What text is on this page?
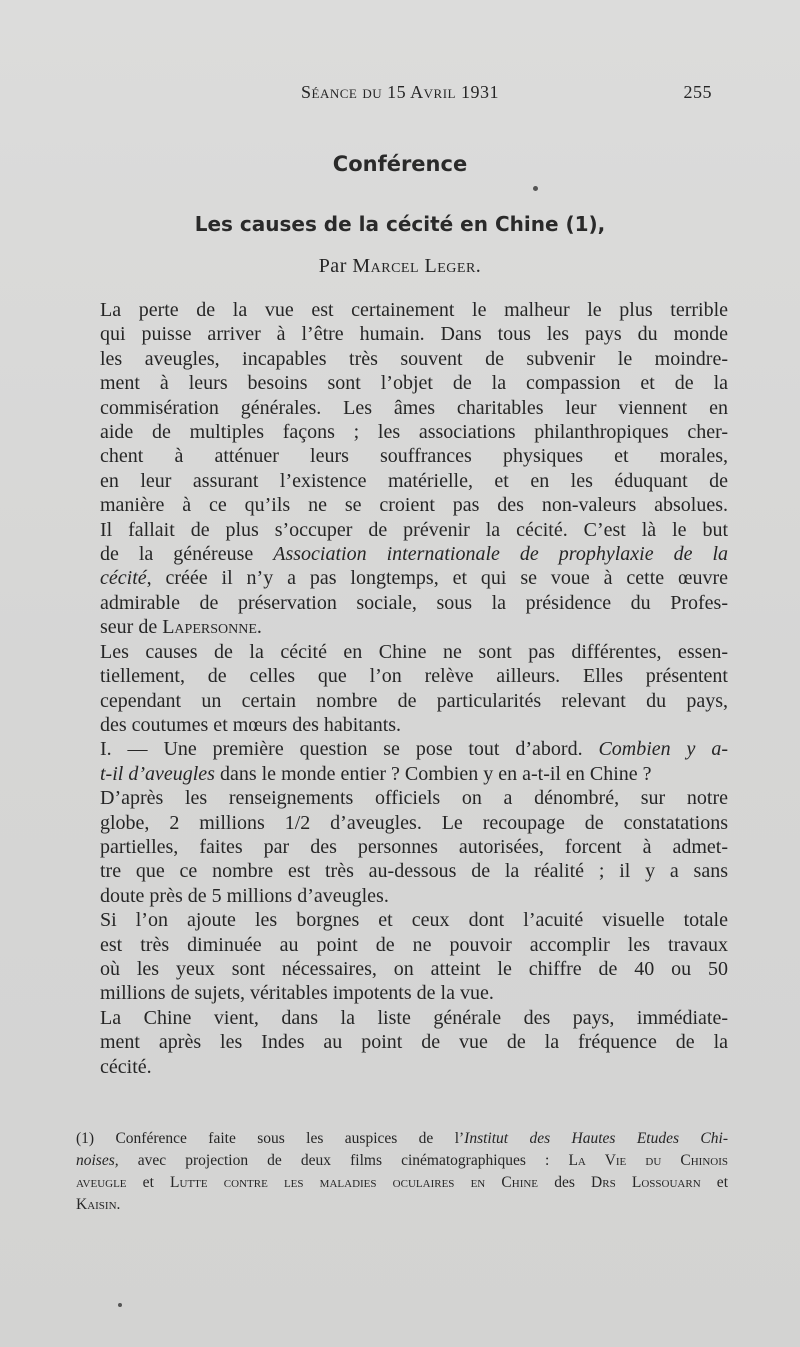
Séance du 15 Avril 1931	255
Conférence
Les causes de la cécité en Chine (1),
Par Marcel Leger.

La perte de la vue est certainement le malheur le plus terrible
qui puisse arriver à l’être humain. Dans tous les pays du monde
les aveugles, incapables très souvent de subvenir le moindre-
ment à leurs besoins sont l’objet de la compassion et de la
commisération générales. Les âmes charitables leur viennent en
aide de multiples façons ; les associations philanthropiques cher-
chent à atténuer leurs souffrances physiques et morales,
en leur assurant l’existence matérielle, et en les éduquant de
manière à ce qu’ils ne se croient pas des non-valeurs absolues.
Il fallait de plus s’occuper de prévenir la cécité. C’est là le but
de la généreuse Association internationale de prophylaxie de la
cécité, créée il n’y a pas longtemps, et qui se voue à cette œuvre
admirable de préservation sociale, sous la présidence du Profes-
seur de Lapersonne.

Les causes de la cécité en Chine ne sont pas différentes, essen-
tiellement, de celles que l’on relève ailleurs. Elles présentent
cependant un certain nombre de particularités relevant du pays,
des coutumes et mœurs des habitants.

I. — Une première question se pose tout d’abord. Combien y a-
t-il d’aveugles dans le monde entier ? Combien y en a-t-il en Chine ?

D’après les renseignements officiels on a dénombré, sur notre
globe, 2 millions 1/2 d’aveugles. Le recoupage de constatations
partielles, faites par des personnes autorisées, forcent à admet-
tre que ce nombre est très au-dessous de la réalité ; il y a sans
doute près de 5 millions d’aveugles.

Si l’on ajoute les borgnes et ceux dont l’acuité visuelle totale
est très diminuée au point de ne pouvoir accomplir les travaux
où les yeux sont nécessaires, on atteint le chiffre de 40 ou 50
millions de sujets, véritables impotents de la vue.

La Chine vient, dans la liste générale des pays, immédiate-
ment après les Indes au point de vue de la fréquence de la
cécité.

(1) Conférence faite sous les auspices de l’Institut des Hautes Etudes Chi-
noises, avec projection de deux films cinématographiques : La Vie du Chinois
aveugle et Lutte contre les maladies oculaires en Chine des Drs Lossouarn et
Kaisin.
